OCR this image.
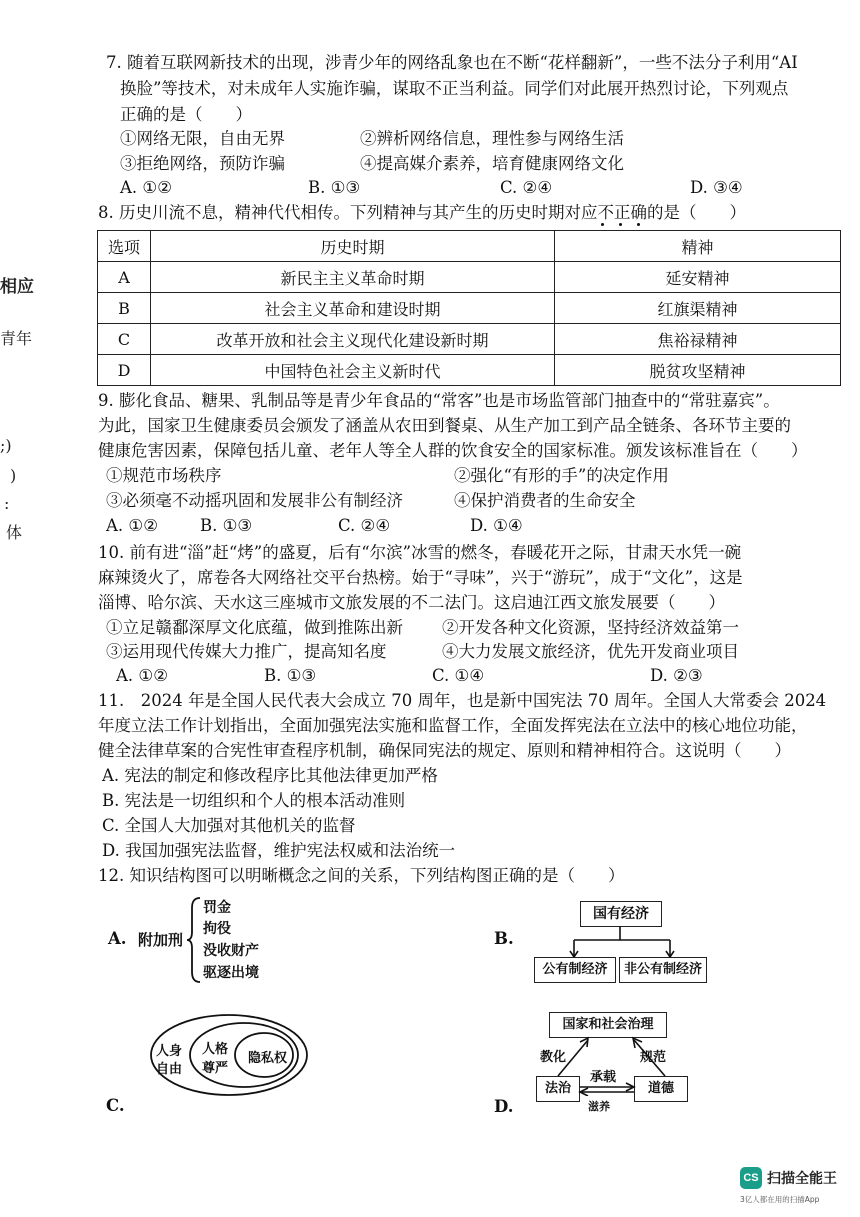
相应
青年
;)
)
:
体
7. 随着互联网新技术的出现，涉青少年的网络乱象也在不断“花样翻新”，一些不法分子利用“AI
换脸”等技术，对未成年人实施诈骗，谋取不正当利益。同学们对此展开热烈讨论，下列观点
正确的是（　　）
①网络无限，自由无界	②辨析网络信息，理性参与网络生活
③拒绝网络，预防诈骗	④提高媒介素养，培育健康网络文化
A. ①②	B. ①③	C. ②④	D. ③④
8. 历史川流不息，精神代代相传。下列精神与其产生的历史时期对应不正确的是（　　）
选项	历史时期	精神
A	新民主主义革命时期	延安精神
B	社会主义革命和建设时期	红旗渠精神
C	改革开放和社会主义现代化建设新时期	焦裕禄精神
D	中国特色社会主义新时代	脱贫攻坚精神
9. 膨化食品、糖果、乳制品等是青少年食品的“常客”也是市场监管部门抽查中的“常驻嘉宾”。
为此，国家卫生健康委员会颁发了涵盖从农田到餐桌、从生产加工到产品全链条、各环节主要的
健康危害因素，保障包括儿童、老年人等全人群的饮食安全的国家标准。颁发该标准旨在（　　）
①规范市场秩序	②强化“有形的手”的决定作用
③必须毫不动摇巩固和发展非公有制经济	④保护消费者的生命安全
A. ①②	B. ①③	C. ②④	D. ①④
10. 前有进“淄”赶“烤”的盛夏，后有“尔滨”冰雪的燃冬，春暖花开之际，甘肃天水凭一碗
麻辣烫火了，席卷各大网络社交平台热榜。始于“寻味”，兴于“游玩”，成于“文化”，这是
淄博、哈尔滨、天水这三座城市文旅发展的不二法门。这启迪江西文旅发展要（　　）
①立足赣鄱深厚文化底蕴，做到推陈出新 ②开发各种文化资源，坚持经济效益第一
③运用现代传媒大力推广，提高知名度	④大力发展文旅经济，优先开发商业项目
A. ①②	B. ①③	C. ①④	D. ②③
11.　2024 年是全国人民代表大会成立 70 周年，也是新中国宪法 70 周年。全国人大常委会 2024
年度立法工作计划指出，全面加强宪法实施和监督工作，全面发挥宪法在立法中的核心地位功能，
健全法律草案的合宪性审查程序机制，确保同宪法的规定、原则和精神相符合。这说明（　　）
A. 宪法的制定和修改程序比其他法律更加严格
B. 宪法是一切组织和个人的根本活动准则
C. 全国人大加强对其他机关的监督
D. 我国加强宪法监督，维护宪法权威和法治统一
12. 知识结构图可以明晰概念之间的关系，下列结构图正确的是（　　）
A. 附加刑
罚金
拘役
没收财产
驱逐出境
B.
国有经济
公有制经济	非公有制经济
人身
自由
人格
尊严
隐私权
C.
国家和社会治理
法治	道德
教化	规范
承载
滋养
D.
CS 扫描全能王
3亿人都在用的扫描App
